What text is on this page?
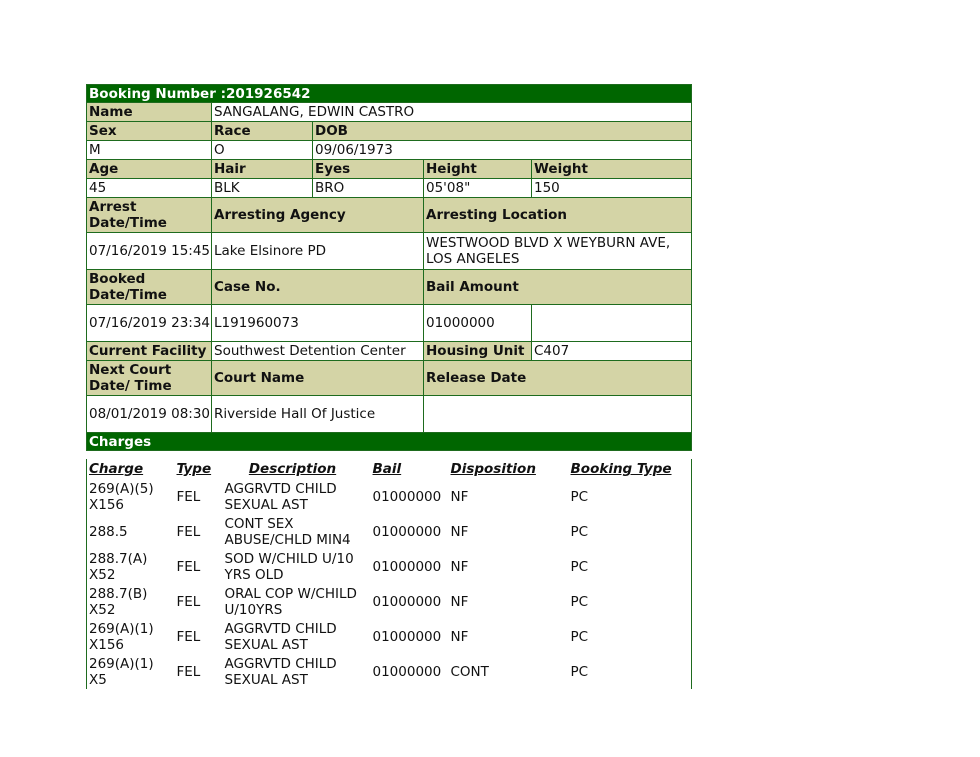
Booking Number :201926542				
Name	SANGALANG, EDWIN CASTRO			
Sex	Race	DOB		
M	O	09/06/1973		
Age	Hair	Eyes	Height	Weight
45	BLK	BRO	05'08"	150
Arrest Date/Time	Arresting Agency		Arresting Location	
07/16/2019 15:45	Lake Elsinore PD		WESTWOOD BLVD X WEYBURN AVE, LOS ANGELES	
Booked Date/Time	Case No.		Bail Amount	
07/16/2019 23:34	L191960073		01000000	
Current Facility	Southwest Detention Center		Housing Unit	C407
Next Court Date/ Time	Court Name		Release Date	
08/01/2019 08:30	Riverside Hall Of Justice			
Charges				
Charge	Type	Description	Bail	Disposition	Booking Type
269(A)(5) X156	FEL	AGGRVTD CHILD SEXUAL AST	01000000	NF	PC
288.5	FEL	CONT SEX ABUSE/CHLD MIN4	01000000	NF	PC
288.7(A) X52	FEL	SOD W/CHILD U/10 YRS OLD	01000000	NF	PC
288.7(B) X52	FEL	ORAL COP W/CHILD U/10YRS	01000000	NF	PC
269(A)(1) X156	FEL	AGGRVTD CHILD SEXUAL AST	01000000	NF	PC
269(A)(1) X5	FEL	AGGRVTD CHILD SEXUAL AST	01000000	CONT	PC
